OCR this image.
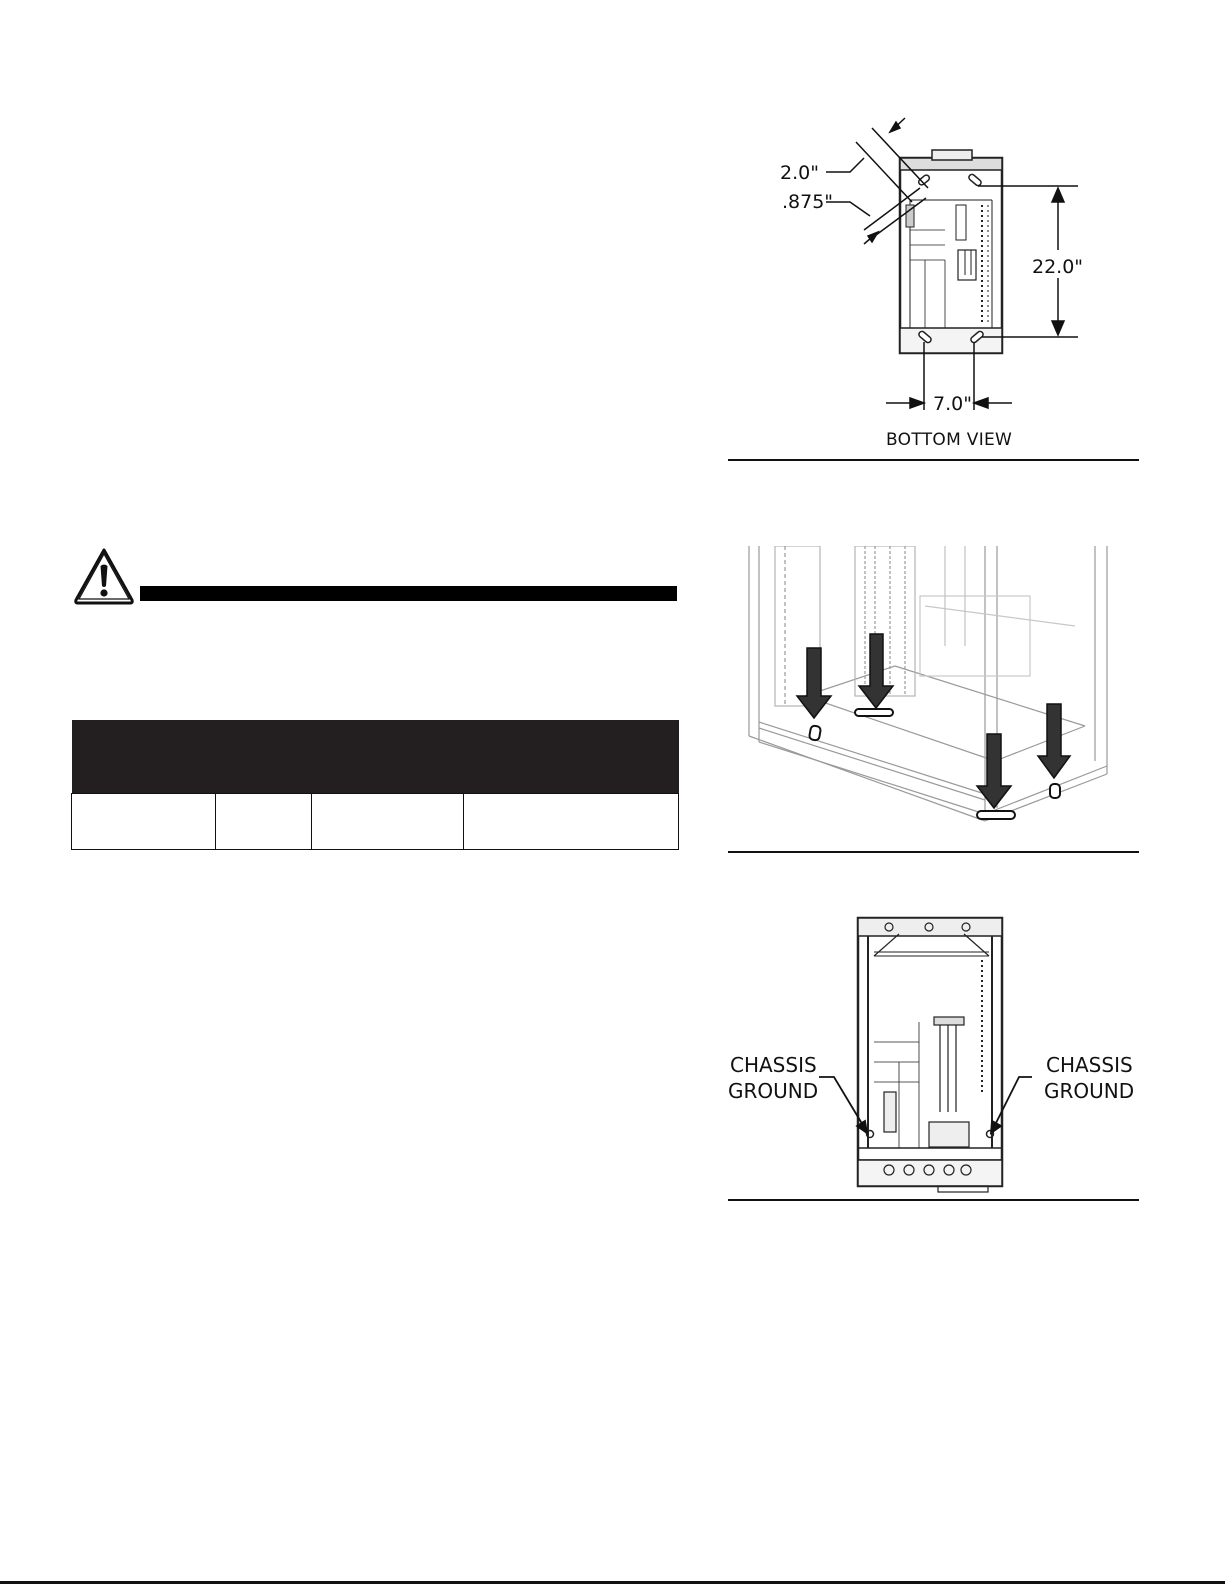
2.0"
.875"
22.0"
7.0"
BOTTOM VIEW
CHASSIS
GROUND
CHASSIS
GROUND
